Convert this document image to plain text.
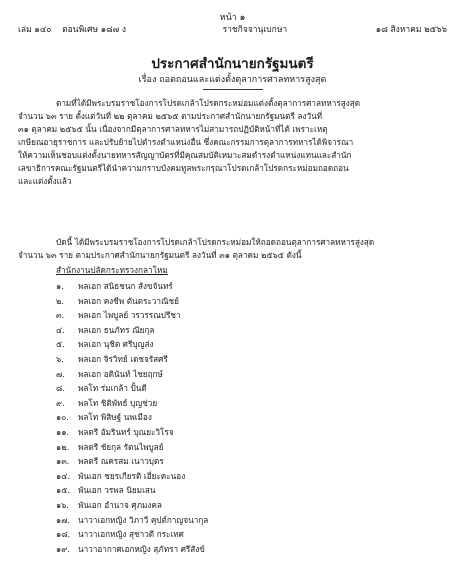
หน้า ๑
เล่ม ๑๔๐ ตอนพิเศษ ๑๘๗ ง	ราชกิจจานุเบกษา	๑๘ สิงหาคม ๒๕๖๖
ประกาศสำนักนายกรัฐมนตรี
เรื่อง ถอดถอนและแต่งตั้งตุลาการศาลทหารสูงสุด
ตามที่ได้มีพระบรมราชโองการโปรดเกล้าโปรดกระหม่อมแต่งตั้งตุลาการศาลทหารสูงสุด
จำนวน ๖๓ ราย ตั้งแต่วันที่ ๒๒ ตุลาคม ๒๕๖๕ ตามประกาศสำนักนายกรัฐมนตรี ลงวันที่
๓๑ ตุลาคม ๒๕๖๕ นั้น เนื่องจากมีตุลาการศาลทหารไม่สามารถปฏิบัติหน้าที่ได้ เพราะเหตุ
เกษียณอายุราชการ และปรับย้ายไปดำรงตำแหน่งอื่น ซึ่งคณะกรรมการตุลาการทหารได้พิจารณา
ให้ความเห็นชอบแต่งตั้งนายทหารสัญญาบัตรที่มีคุณสมบัติเหมาะสมดำรงตำแหน่งแทนและสำนัก
เลขาธิการคณะรัฐมนตรีได้นำความกราบบังคมทูลพระกรุณาโปรดเกล้าโปรดกระหม่อมถอดถอน
และแต่งตั้งแล้ว
บัดนี้ ได้มีพระบรมราชโองการโปรดเกล้าโปรดกระหม่อมให้ถอดถอนตุลาการศาลทหารสูงสุด
จำนวน ๖๓ ราย ตามประกาศสำนักนายกรัฐมนตรี ลงวันที่ ๓๑ ตุลาคม ๒๕๖๕ ดังนี้
สำนักงานปลัดกระทรวงกลาโหม
๑. พลเอก สนิธชนก สังขจันทร์
๒. พลเอก คงชีพ ตันตระวาณิชย์
๓. พลเอก ไพบูลย์ วรวรรณปรีชา
๔. พลเอก ธนภัทร ณียกุล
๕. พลเอก นุชิต ศรีบุญส่ง
๖. พลเอก จิรวิทย์ เดชจรัสศรี
๗. พลเอก อดินันท์ ไชยฤกษ์
๘. พลโท ร่มเกล้า ปั้นดี
๙. พลโท ชิติพัทธ์ บุญช่วย
๑๐. พลโท พิสิษฐ์ นพเมือง
๑๑. พลตรี อัมรินทร์ บุณยะวิโรจ
๑๒. พลตรี ชัยกุล รัตนไพบูลย์
๑๓. พลตรี ณครสม เนาวบุตร
๑๔. พันเอก ชยรเกียรติ เอี่ยะคะนอง
๑๕. พันเอก วรพล นิยมเสน
๑๖. พันเอก อำนาจ ศุภมงคล
๑๗. นาวาเอกหญิง วิภาวี คุปต์กาญจนากุล
๑๘. นาวาเอกหญิง สุชาวดี กระเทศ
๑๙. นาวาอากาศเอกหญิง สุภัทรา ศรีสังข์
